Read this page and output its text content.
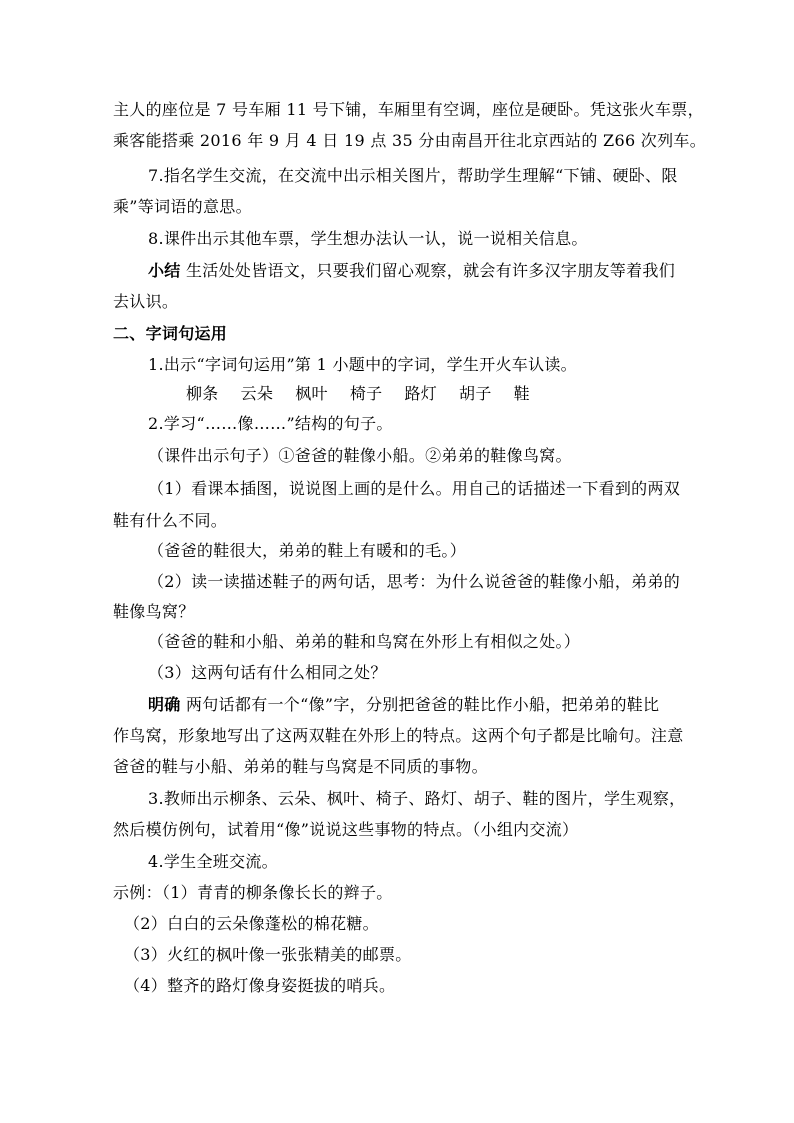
主人的座位是 7 号车厢 11 号下铺，车厢里有空调，座位是硬卧。凭这张火车票，
乘客能搭乘 2016 年 9 月 4 日 19 点 35 分由南昌开往北京西站的 Z66 次列车。
7.指名学生交流，在交流中出示相关图片，帮助学生理解“下铺、硬卧、限
乘”等词语的意思。
8.课件出示其他车票，学生想办法认一认，说一说相关信息。
小结 生活处处皆语文，只要我们留心观察，就会有许多汉字朋友等着我们
去认识。
二、字词句运用
1.出示“字词句运用”第 1 小题中的字词，学生开火车认读。
柳条 云朵 枫叶 椅子 路灯 胡子 鞋
2.学习“……像……”结构的句子。
（课件出示句子）①爸爸的鞋像小船。②弟弟的鞋像鸟窝。
（1）看课本插图，说说图上画的是什么。用自己的话描述一下看到的两双
鞋有什么不同。
（爸爸的鞋很大，弟弟的鞋上有暖和的毛。）
（2）读一读描述鞋子的两句话，思考：为什么说爸爸的鞋像小船，弟弟的
鞋像鸟窝？
（爸爸的鞋和小船、弟弟的鞋和鸟窝在外形上有相似之处。）
（3）这两句话有什么相同之处？
明确 两句话都有一个“像”字，分别把爸爸的鞋比作小船，把弟弟的鞋比
作鸟窝，形象地写出了这两双鞋在外形上的特点。这两个句子都是比喻句。注意
爸爸的鞋与小船、弟弟的鞋与鸟窝是不同质的事物。
3.教师出示柳条、云朵、枫叶、椅子、路灯、胡子、鞋的图片，学生观察，
然后模仿例句，试着用“像”说说这些事物的特点。（小组内交流）
4.学生全班交流。
示例：（1）青青的柳条像长长的辫子。
（2）白白的云朵像蓬松的棉花糖。
（3）火红的枫叶像一张张精美的邮票。
（4）整齐的路灯像身姿挺拔的哨兵。
